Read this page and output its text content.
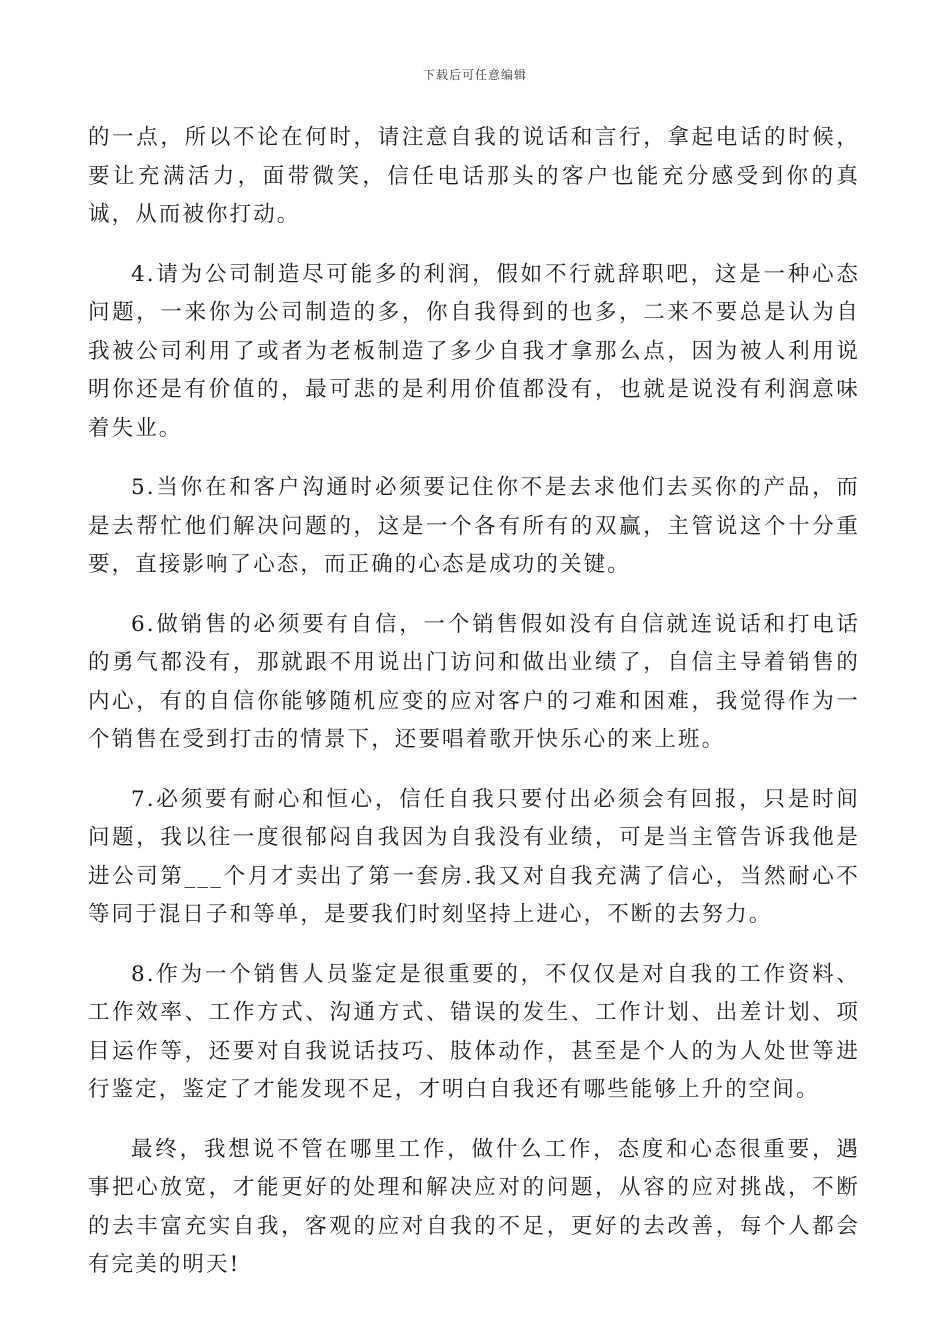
下载后可任意编辑

的一点，所以不论在何时，请注意自我的说话和言行，拿起电话的时候，要让充满活力，面带微笑，信任电话那头的客户也能充分感受到你的真诚，从而被你打动。

4.请为公司制造尽可能多的利润，假如不行就辞职吧，这是一种心态问题，一来你为公司制造的多，你自我得到的也多，二来不要总是认为自我被公司利用了或者为老板制造了多少自我才拿那么点，因为被人利用说明你还是有价值的，最可悲的是利用价值都没有，也就是说没有利润意味着失业。

5.当你在和客户沟通时必须要记住你不是去求他们去买你的产品，而是去帮忙他们解决问题的，这是一个各有所有的双赢，主管说这个十分重要，直接影响了心态，而正确的心态是成功的关键。

6.做销售的必须要有自信，一个销售假如没有自信就连说话和打电话的勇气都没有，那就跟不用说出门访问和做出业绩了，自信主导着销售的内心，有的自信你能够随机应变的应对客户的刁难和困难，我觉得作为一个销售在受到打击的情景下，还要唱着歌开快乐心的来上班。

7.必须要有耐心和恒心，信任自我只要付出必须会有回报，只是时间问题，我以往一度很郁闷自我因为自我没有业绩，可是当主管告诉我他是进公司第___个月才卖出了第一套房.我又对自我充满了信心，当然耐心不等同于混日子和等单，是要我们时刻坚持上进心，不断的去努力。

8.作为一个销售人员鉴定是很重要的，不仅仅是对自我的工作资料、工作效率、工作方式、沟通方式、错误的发生、工作计划、出差计划、项目运作等，还要对自我说话技巧、肢体动作，甚至是个人的为人处世等进行鉴定，鉴定了才能发现不足，才明白自我还有哪些能够上升的空间。

最终，我想说不管在哪里工作，做什么工作，态度和心态很重要，遇事把心放宽，才能更好的处理和解决应对的问题，从容的应对挑战，不断的去丰富充实自我，客观的应对自我的不足，更好的去改善，每个人都会有完美的明天!
